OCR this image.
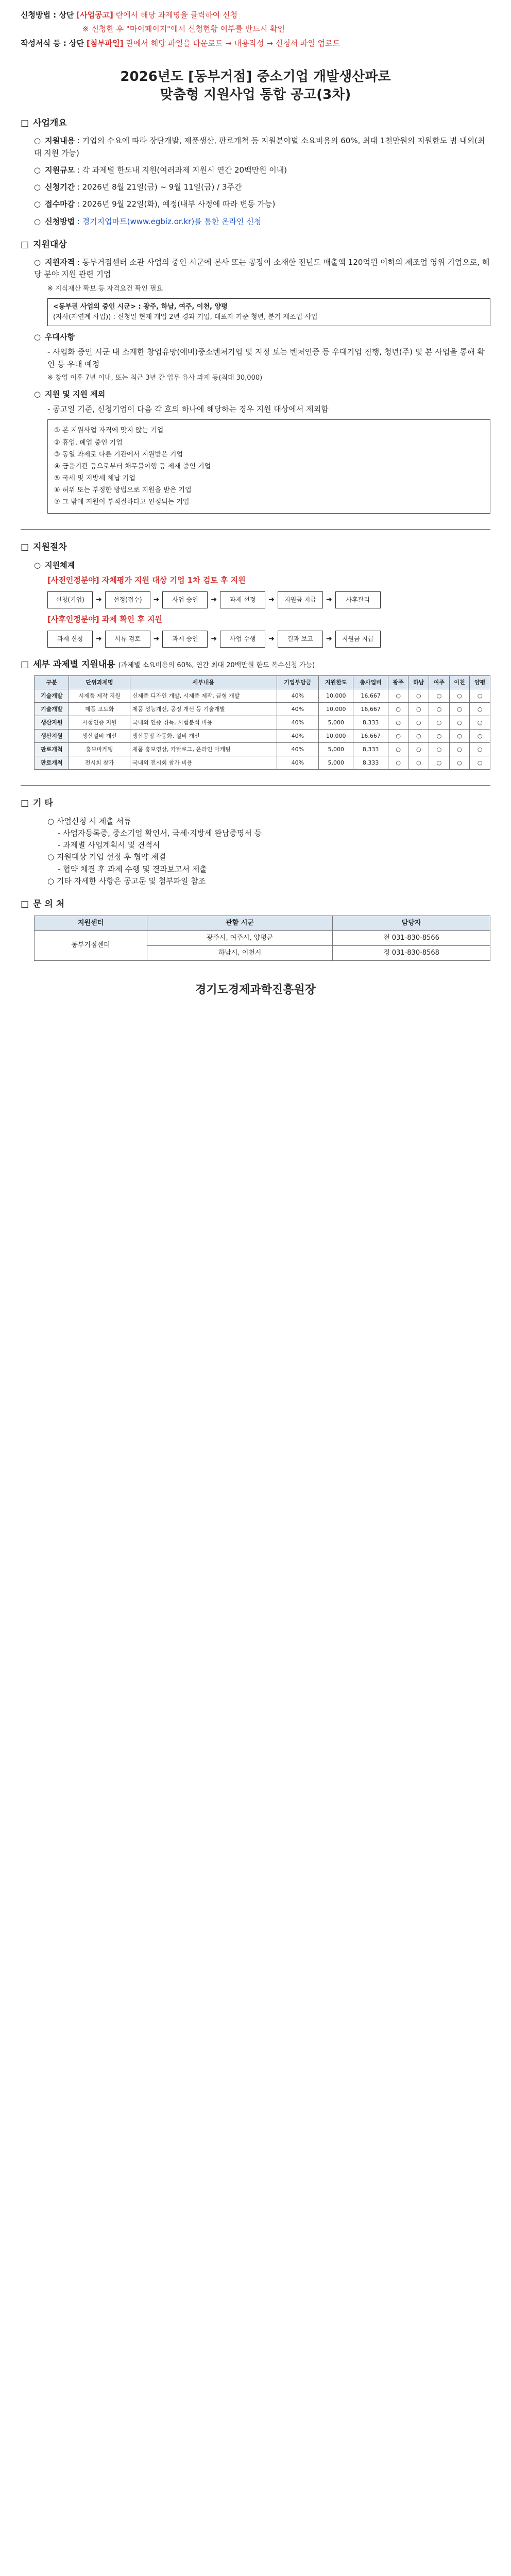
신청방법 : 상단 [사업공고] 란에서 해당 과제명을 클릭하여 신청
※ 신청한 후 "마이페이지"에서 신청현황 여부를 반드시 확인
작성서식 등 : 상단 [첨부파일] 란에서 해당 파일을 다운로드 → 내용작성 → 신청서 파일 업로드
2026년도 [동부거점] 중소기업 개발생산파로
맞춤형 지원사업 통합 공고(3차)
□ 사업개요
○ 지원내용 : 기업의 수요에 따라 장단개발, 제품생산, 판로개척 등 지원분야별 소요비용의 60%, 최대 1천만원의 지원한도 범 내외(최대 지원 가능)
○ 지원규모 : 각 과제별 한도내 지원(여러과제 지원시 연간 20백만원 이내)
○ 신청기간 : 2026년 8월 21일(금) ~ 9월 11일(금) / 3주간
○ 접수마감 : 2026년 9월 22일(화), 예정(내부 사정에 따라 변동 가능)
○ 신청방법 : 경기지업마트(www.egbiz.or.kr)를 통한 온라인 신청
□ 지원대상
○ 지원자격 : 동부거점센터 소관 사업의 중인 시군에 본사 또는 공장이 소재한 전년도 매출액 120억원 이하의 제조업 영위 기업으로, 해당 분야 지원 관련 기업
※ 지식재산 확보 등 자격요건 확인 필요
<동부권 사업의 중인 시군> : 광주, 하남, 여주, 이천, 양평
(자사(자연계 사업)) : 신청일 현재 개업 2년 경과 기업, 대표자 기준 청년, 분기 제조업 사업
○ 우대사항
- 사업화 중인 시군 내 소재한 창업유망(예비)중소벤처기업 및 지정 보는 벤처인증 등 우대기업 진행, 청년(주) 및 본 사업을 통해 확인 등 우대 예정
※ 창업 이후 7년 이내, 또는 최근 3년 간 업무 유사 과제 등(최대 30,000)
○ 지원 및 지원 제외
- 공고일 기준, 신청기업이 다음 각 호의 하나에 해당하는 경우 지원 대상에서 제외함
① 본 지원사업 자격에 맞지 않는 기업
② 휴업, 폐업 중인 기업
③ 동일 과제로 다른 기관에서 지원받은 기업
④ 금융기관 등으로부터 채무불이행 등 제재 중인 기업
⑤ 국세 및 지방세 체납 기업
⑥ 허위 또는 부정한 방법으로 지원을 받은 기업
⑦ 그 밖에 지원이 부적절하다고 인정되는 기업
□ 지원절차
○ 지원체계
[사전인정분야] 자체평가 지원 대상 기업 1차 검토 후 지원
신청(기업)	➜	선정(접수)	➜	사업 승인	➜	과제 선정	➜	지원금 지급	➜	사후관리
[사후인정분야] 과제 확인 후 지원
과제 신청	➜	서류 검토	➜	과제 승인	➜	사업 수행	➜	결과 보고	➜	지원금 지급
□ 세부 과제별 지원내용 (과제별 소요비용의 60%, 연간 최대 20백만원 한도 복수신청 가능)
구분	단위과제명	세부내용	기업부담금	지원한도	총사업비	광주	하남	여주	이천	양평
기술개발	시제품 제작 지원	신제품 디자인 개발, 시제품 제작, 금형 개발	40%	10,000	16,667	○	○	○	○	○
기술개발	제품 고도화	제품 성능개선, 공정 개선 등 기술개발	40%	10,000	16,667	○	○	○	○	○
생산지원	시험인증 지원	국내외 인증 취득, 시험분석 비용	40%	5,000	8,333	○	○	○	○	○
생산지원	생산설비 개선	생산공정 자동화, 설비 개선	40%	10,000	16,667	○	○	○	○	○
판로개척	홍보마케팅	제품 홍보영상, 카탈로그, 온라인 마케팅	40%	5,000	8,333	○	○	○	○	○
판로개척	전시회 참가	국내외 전시회 참가 비용	40%	5,000	8,333	○	○	○	○	○
□ 기 타
○ 사업신청 시 제출 서류
- 사업자등록증, 중소기업 확인서, 국세·지방세 완납증명서 등
- 과제별 사업계획서 및 견적서
○ 지원대상 기업 선정 후 협약 체결
- 협약 체결 후 과제 수행 및 결과보고서 제출
○ 기타 자세한 사항은 공고문 및 첨부파일 참조
□ 문 의 처
지원센터	관할 시군	담당자
동부거점센터	광주시, 여주시, 양평군	전 031-830-8566
	하남시, 이천시	정 031-830-8568
경기도경제과학진흥원장
